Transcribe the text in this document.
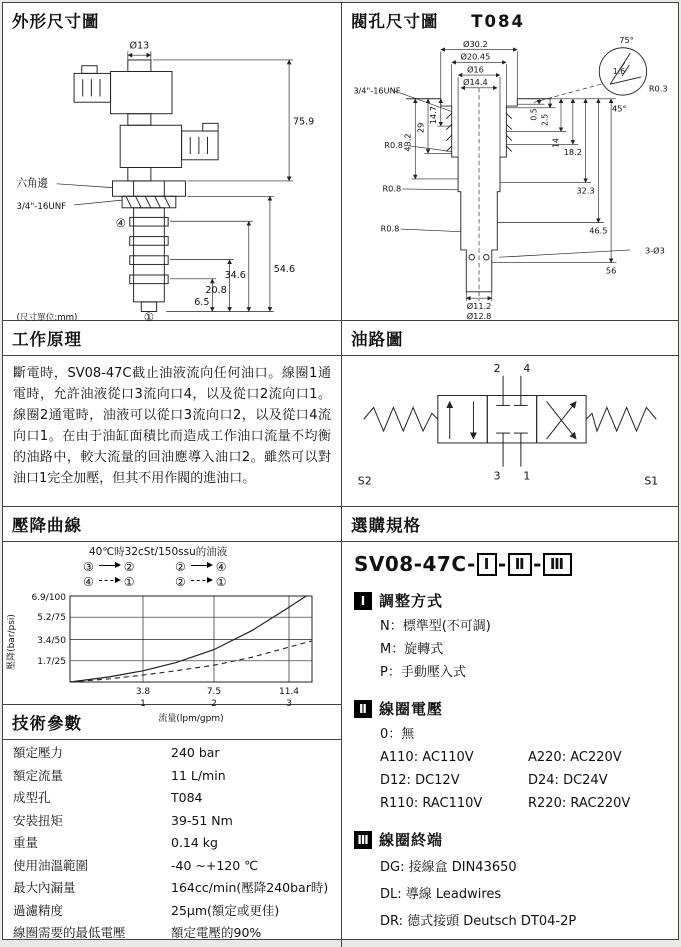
外形尺寸圖
Ø13
75.9
54.6
34.6
20.8
6.5
六角邊
3/4"-16UNF
④
①
(尺寸單位:mm)
閥孔尺寸圖 T084
Ø30.2
Ø20.45
Ø16
Ø14.4
3/4"-16UNF
75°
1.6
R0.3
45°
14.7
29
43.2
R0.8
R0.8
R0.8
0.5 2.5
14
18.2
32.3
46.5
56
3-Ø3
Ø11.2
Ø12.8
工作原理

斷電時，SV08-47C截止油液流向任何油口。線圈1通電時，允許油液從口3流向口4，以及從口2流向口1。線圈2通電時，油液可以從口3流向口2，以及從口4流向口1。在由于油缸面積比而造成工作油口流量不均衡的油路中，較大流量的回油應導入油口2。雖然可以對油口1完全加壓，但其不用作閥的進油口。

油路圖
2 4
3 1
S2	S1
壓降曲線
40℃時32cSt/150ssu的油液
③	②	②	④
④	①	②	①
6.9/100
5.2/75
3.4/50
1.7/25
3.8
1
7.5
2
11.4
3
壓降(bar/psi)
流量(lpm/gpm)
選購規格
SV08-47C- Ⅰ - Ⅱ - Ⅲ
Ⅰ 調整方式
N：標準型(不可調)
M：旋轉式
P：手動壓入式
Ⅱ 線圈電壓
0：無
A110: AC110V	A220: AC220V
D12: DC12V	D24: DC24V
R110: RAC110V	R220: RAC220V
Ⅲ 線圈終端
DG: 接線盒 DIN43650
DL: 導線 Leadwires
DR: 德式接頭 Deutsch DT04-2P
技術參數
額定壓力	240 bar
額定流量	11 L/min
成型孔	T084
安裝扭矩	39-51 Nm
重量	0.14 kg
使用油溫範圍	-40 ~+120 ℃
最大內漏量	164cc/min(壓降240bar時)
過濾精度	25μm(額定或更佳)
線圈需要的最低電壓	額定電壓的90%
